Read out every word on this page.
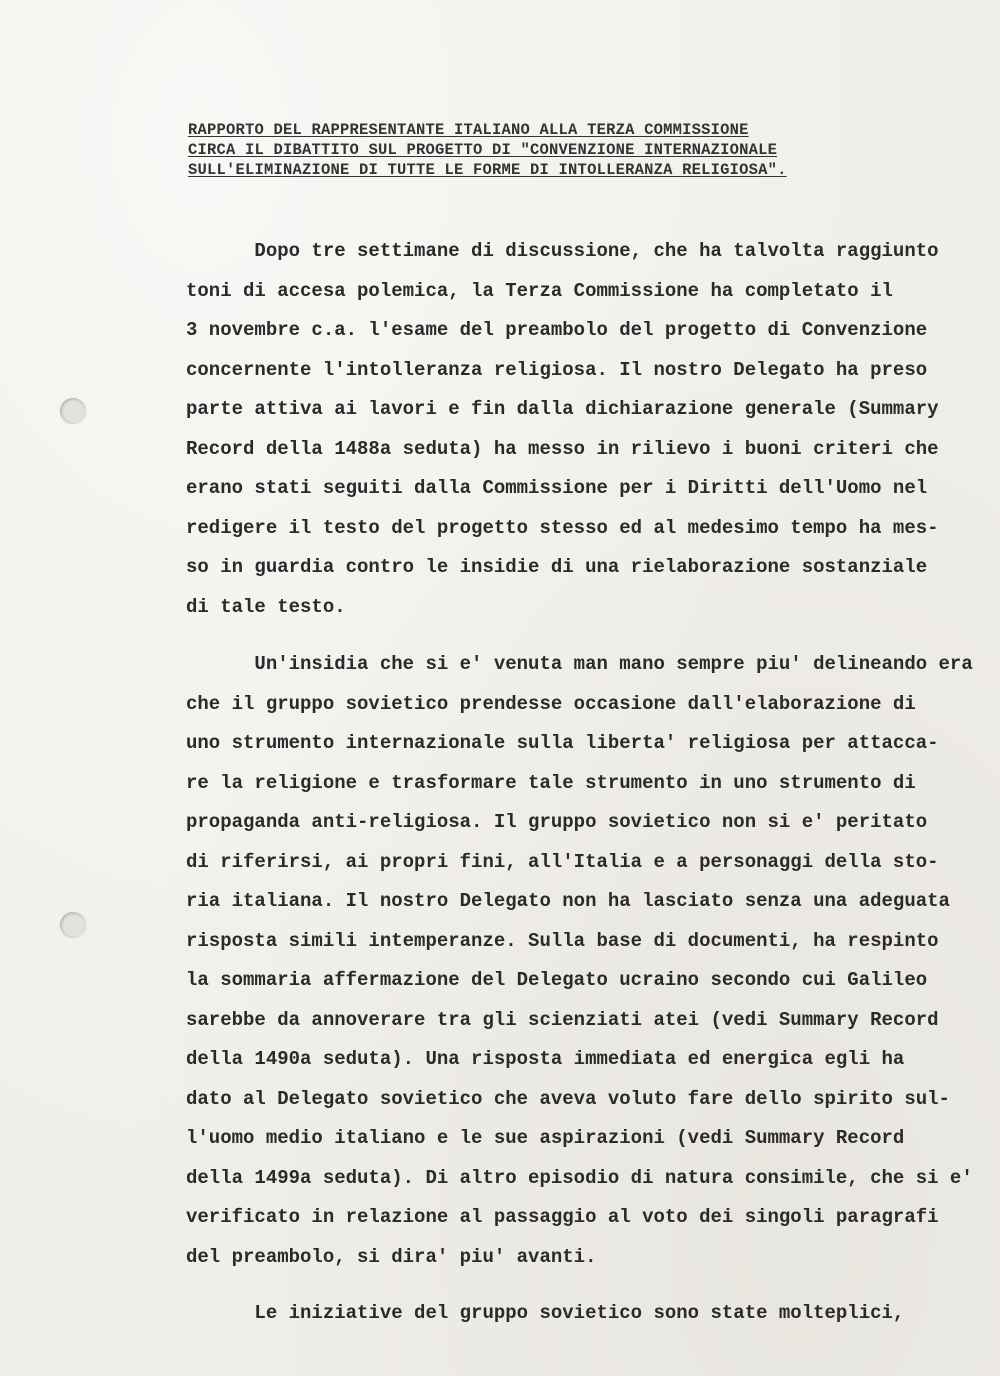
RAPPORTO DEL RAPPRESENTANTE ITALIANO ALLA TERZA COMMISSIONE
CIRCA IL DIBATTITO SUL PROGETTO DI "CONVENZIONE INTERNAZIONALE
SULL'ELIMINAZIONE DI TUTTE LE FORME DI INTOLLERANZA RELIGIOSA".
Dopo tre settimane di discussione, che ha talvolta raggiunto
toni di accesa polemica, la Terza Commissione ha completato il
3 novembre c.a. l'esame del preambolo del progetto di Convenzione
concernente l'intolleranza religiosa. Il nostro Delegato ha preso
parte attiva ai lavori e fin dalla dichiarazione generale (Summary
Record della 1488a seduta) ha messo in rilievo i buoni criteri che
erano stati seguiti dalla Commissione per i Diritti dell'Uomo nel
redigere il testo del progetto stesso ed al medesimo tempo ha mes-
so in guardia contro le insidie di una rielaborazione sostanziale
di tale testo.
Un'insidia che si e' venuta man mano sempre piu' delineando era
che il gruppo sovietico prendesse occasione dall'elaborazione di
uno strumento internazionale sulla liberta' religiosa per attacca-
re la religione e trasformare tale strumento in uno strumento di
propaganda anti-religiosa. Il gruppo sovietico non si e' peritato
di riferirsi, ai propri fini, all'Italia e a personaggi della sto-
ria italiana. Il nostro Delegato non ha lasciato senza una adeguata
risposta simili intemperanze. Sulla base di documenti, ha respinto
la sommaria affermazione del Delegato ucraino secondo cui Galileo
sarebbe da annoverare tra gli scienziati atei (vedi Summary Record
della 1490a seduta). Una risposta immediata ed energica egli ha
dato al Delegato sovietico che aveva voluto fare dello spirito sul-
l'uomo medio italiano e le sue aspirazioni (vedi Summary Record
della 1499a seduta). Di altro episodio di natura consimile, che si e'
verificato in relazione al passaggio al voto dei singoli paragrafi
del preambolo, si dira' piu' avanti.
Le iniziative del gruppo sovietico sono state molteplici,
